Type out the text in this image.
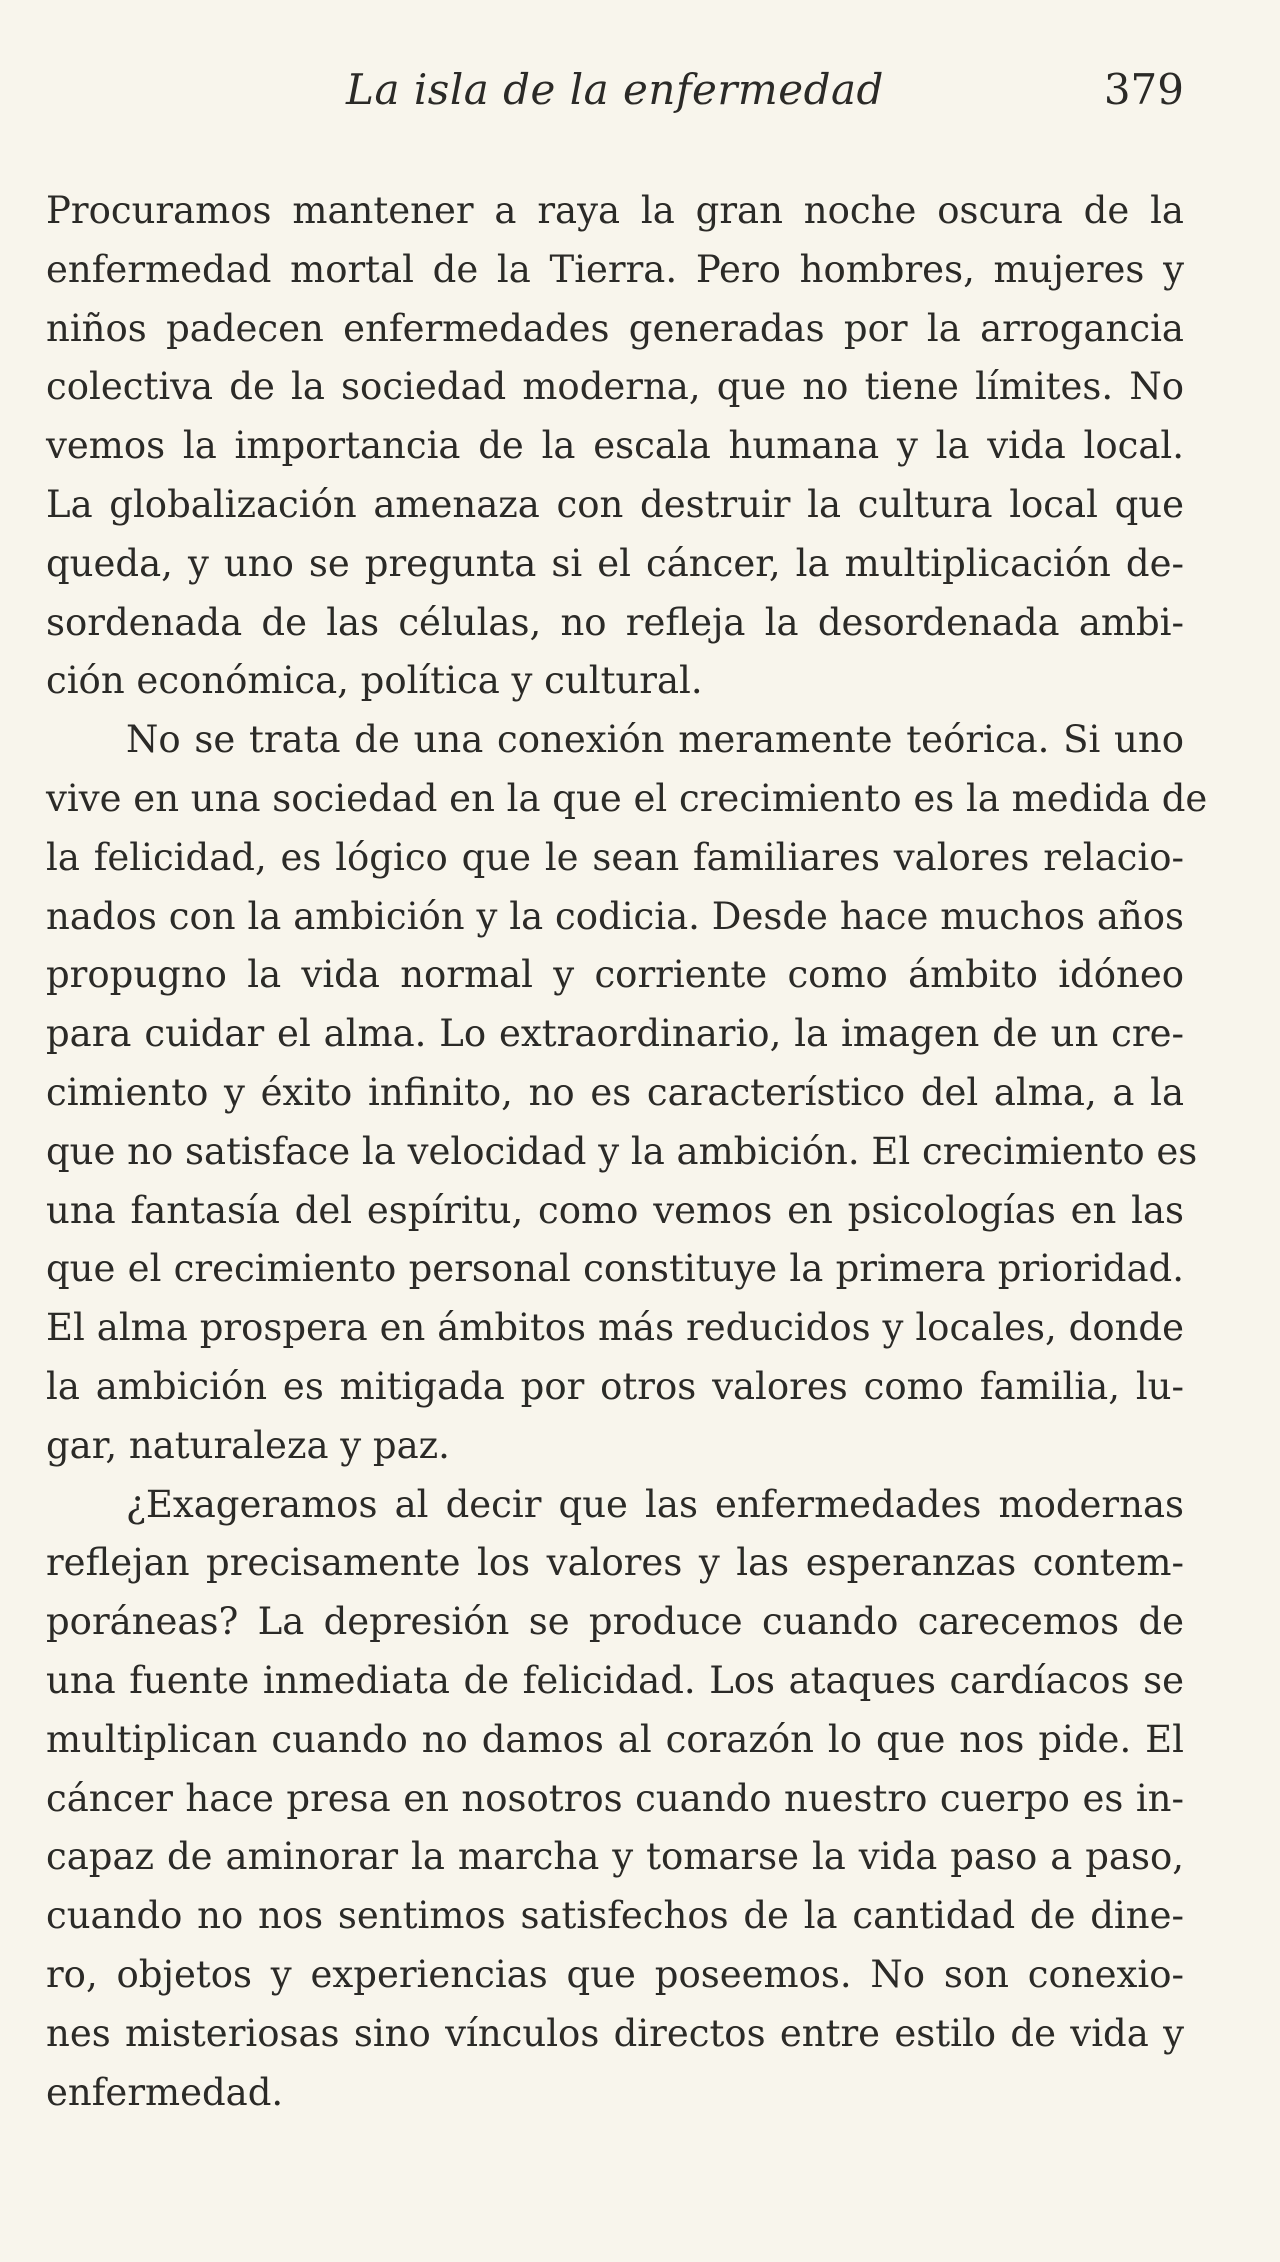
La isla de la enfermedad	379

Procuramos mantener a raya la gran noche oscura de la
enfermedad mortal de la Tierra. Pero hombres, mujeres y
niños padecen enfermedades generadas por la arrogancia
colectiva de la sociedad moderna, que no tiene límites. No
vemos la importancia de la escala humana y la vida local.
La globalización amenaza con destruir la cultura local que
queda, y uno se pregunta si el cáncer, la multiplicación de-
sordenada de las células, no refleja la desordenada ambi-
ción económica, política y cultural.

No se trata de una conexión meramente teórica. Si uno
vive en una sociedad en la que el crecimiento es la medida de
la felicidad, es lógico que le sean familiares valores relacio-
nados con la ambición y la codicia. Desde hace muchos años
propugno la vida normal y corriente como ámbito idóneo
para cuidar el alma. Lo extraordinario, la imagen de un cre-
cimiento y éxito infinito, no es característico del alma, a la
que no satisface la velocidad y la ambición. El crecimiento es
una fantasía del espíritu, como vemos en psicologías en las
que el crecimiento personal constituye la primera prioridad.
El alma prospera en ámbitos más reducidos y locales, donde
la ambición es mitigada por otros valores como familia, lu-
gar, naturaleza y paz.

¿Exageramos al decir que las enfermedades modernas
reflejan precisamente los valores y las esperanzas contem-
poráneas? La depresión se produce cuando carecemos de
una fuente inmediata de felicidad. Los ataques cardíacos se
multiplican cuando no damos al corazón lo que nos pide. El
cáncer hace presa en nosotros cuando nuestro cuerpo es in-
capaz de aminorar la marcha y tomarse la vida paso a paso,
cuando no nos sentimos satisfechos de la cantidad de dine-
ro, objetos y experiencias que poseemos. No son conexio-
nes misteriosas sino vínculos directos entre estilo de vida y
enfermedad.
